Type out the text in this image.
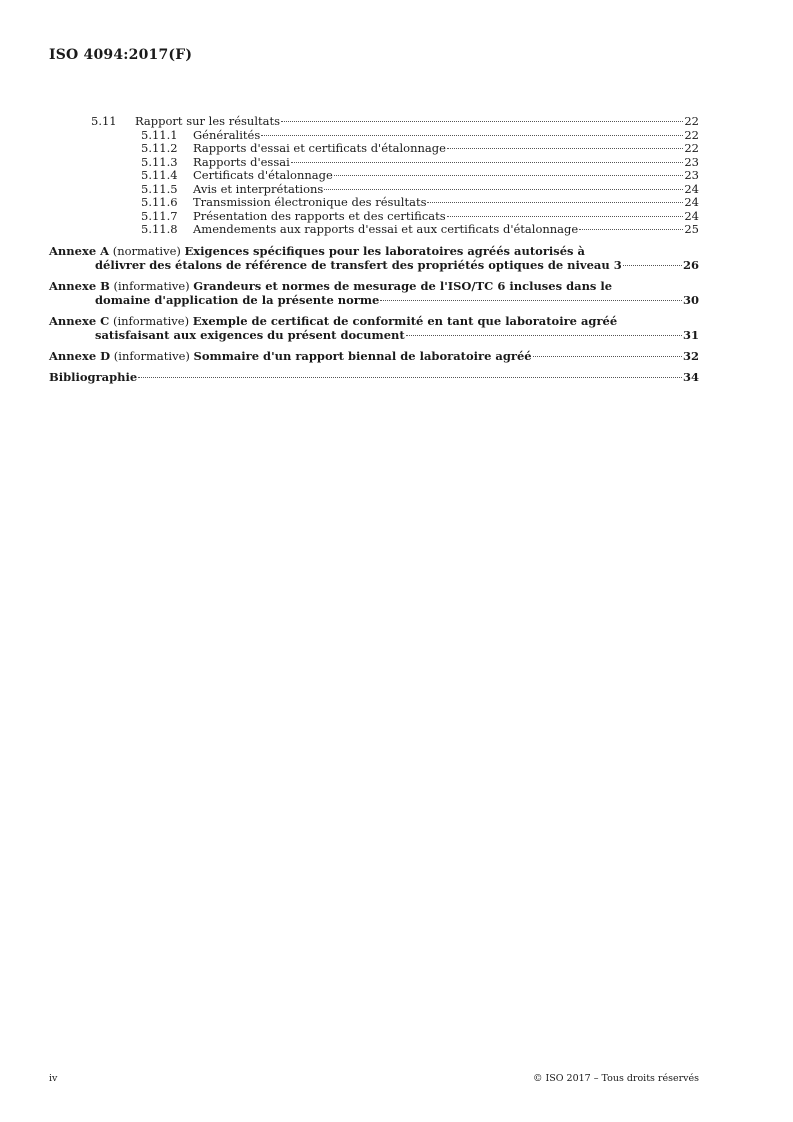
ISO 4094:2017(F)
5.11	Rapport sur les résultats	22
5.11.1	Généralités	22
5.11.2	Rapports d'essai et certificats d'étalonnage	22
5.11.3	Rapports d'essai	23
5.11.4	Certificats d'étalonnage	23
5.11.5	Avis et interprétations	24
5.11.6	Transmission électronique des résultats	24
5.11.7	Présentation des rapports et des certificats	24
5.11.8	Amendements aux rapports d'essai et aux certificats d'étalonnage	25
Annexe A
(normative)
Exigences spécifiques pour les laboratoires agréés autorisés à
délivrer des étalons de référence de transfert des propriétés optiques de niveau 3	26
Annexe B
(informative)
Grandeurs et normes de mesurage de l'ISO/TC 6 incluses dans le
domaine d'application de la présente norme	30
Annexe C
(informative)
Exemple de certificat de conformité en tant que laboratoire agréé
satisfaisant aux exigences du présent document	31
Annexe D
(informative)
Sommaire d'un rapport biennal de laboratoire agréé	32
Bibliographie	34
iv	© ISO 2017 – Tous droits réservés
